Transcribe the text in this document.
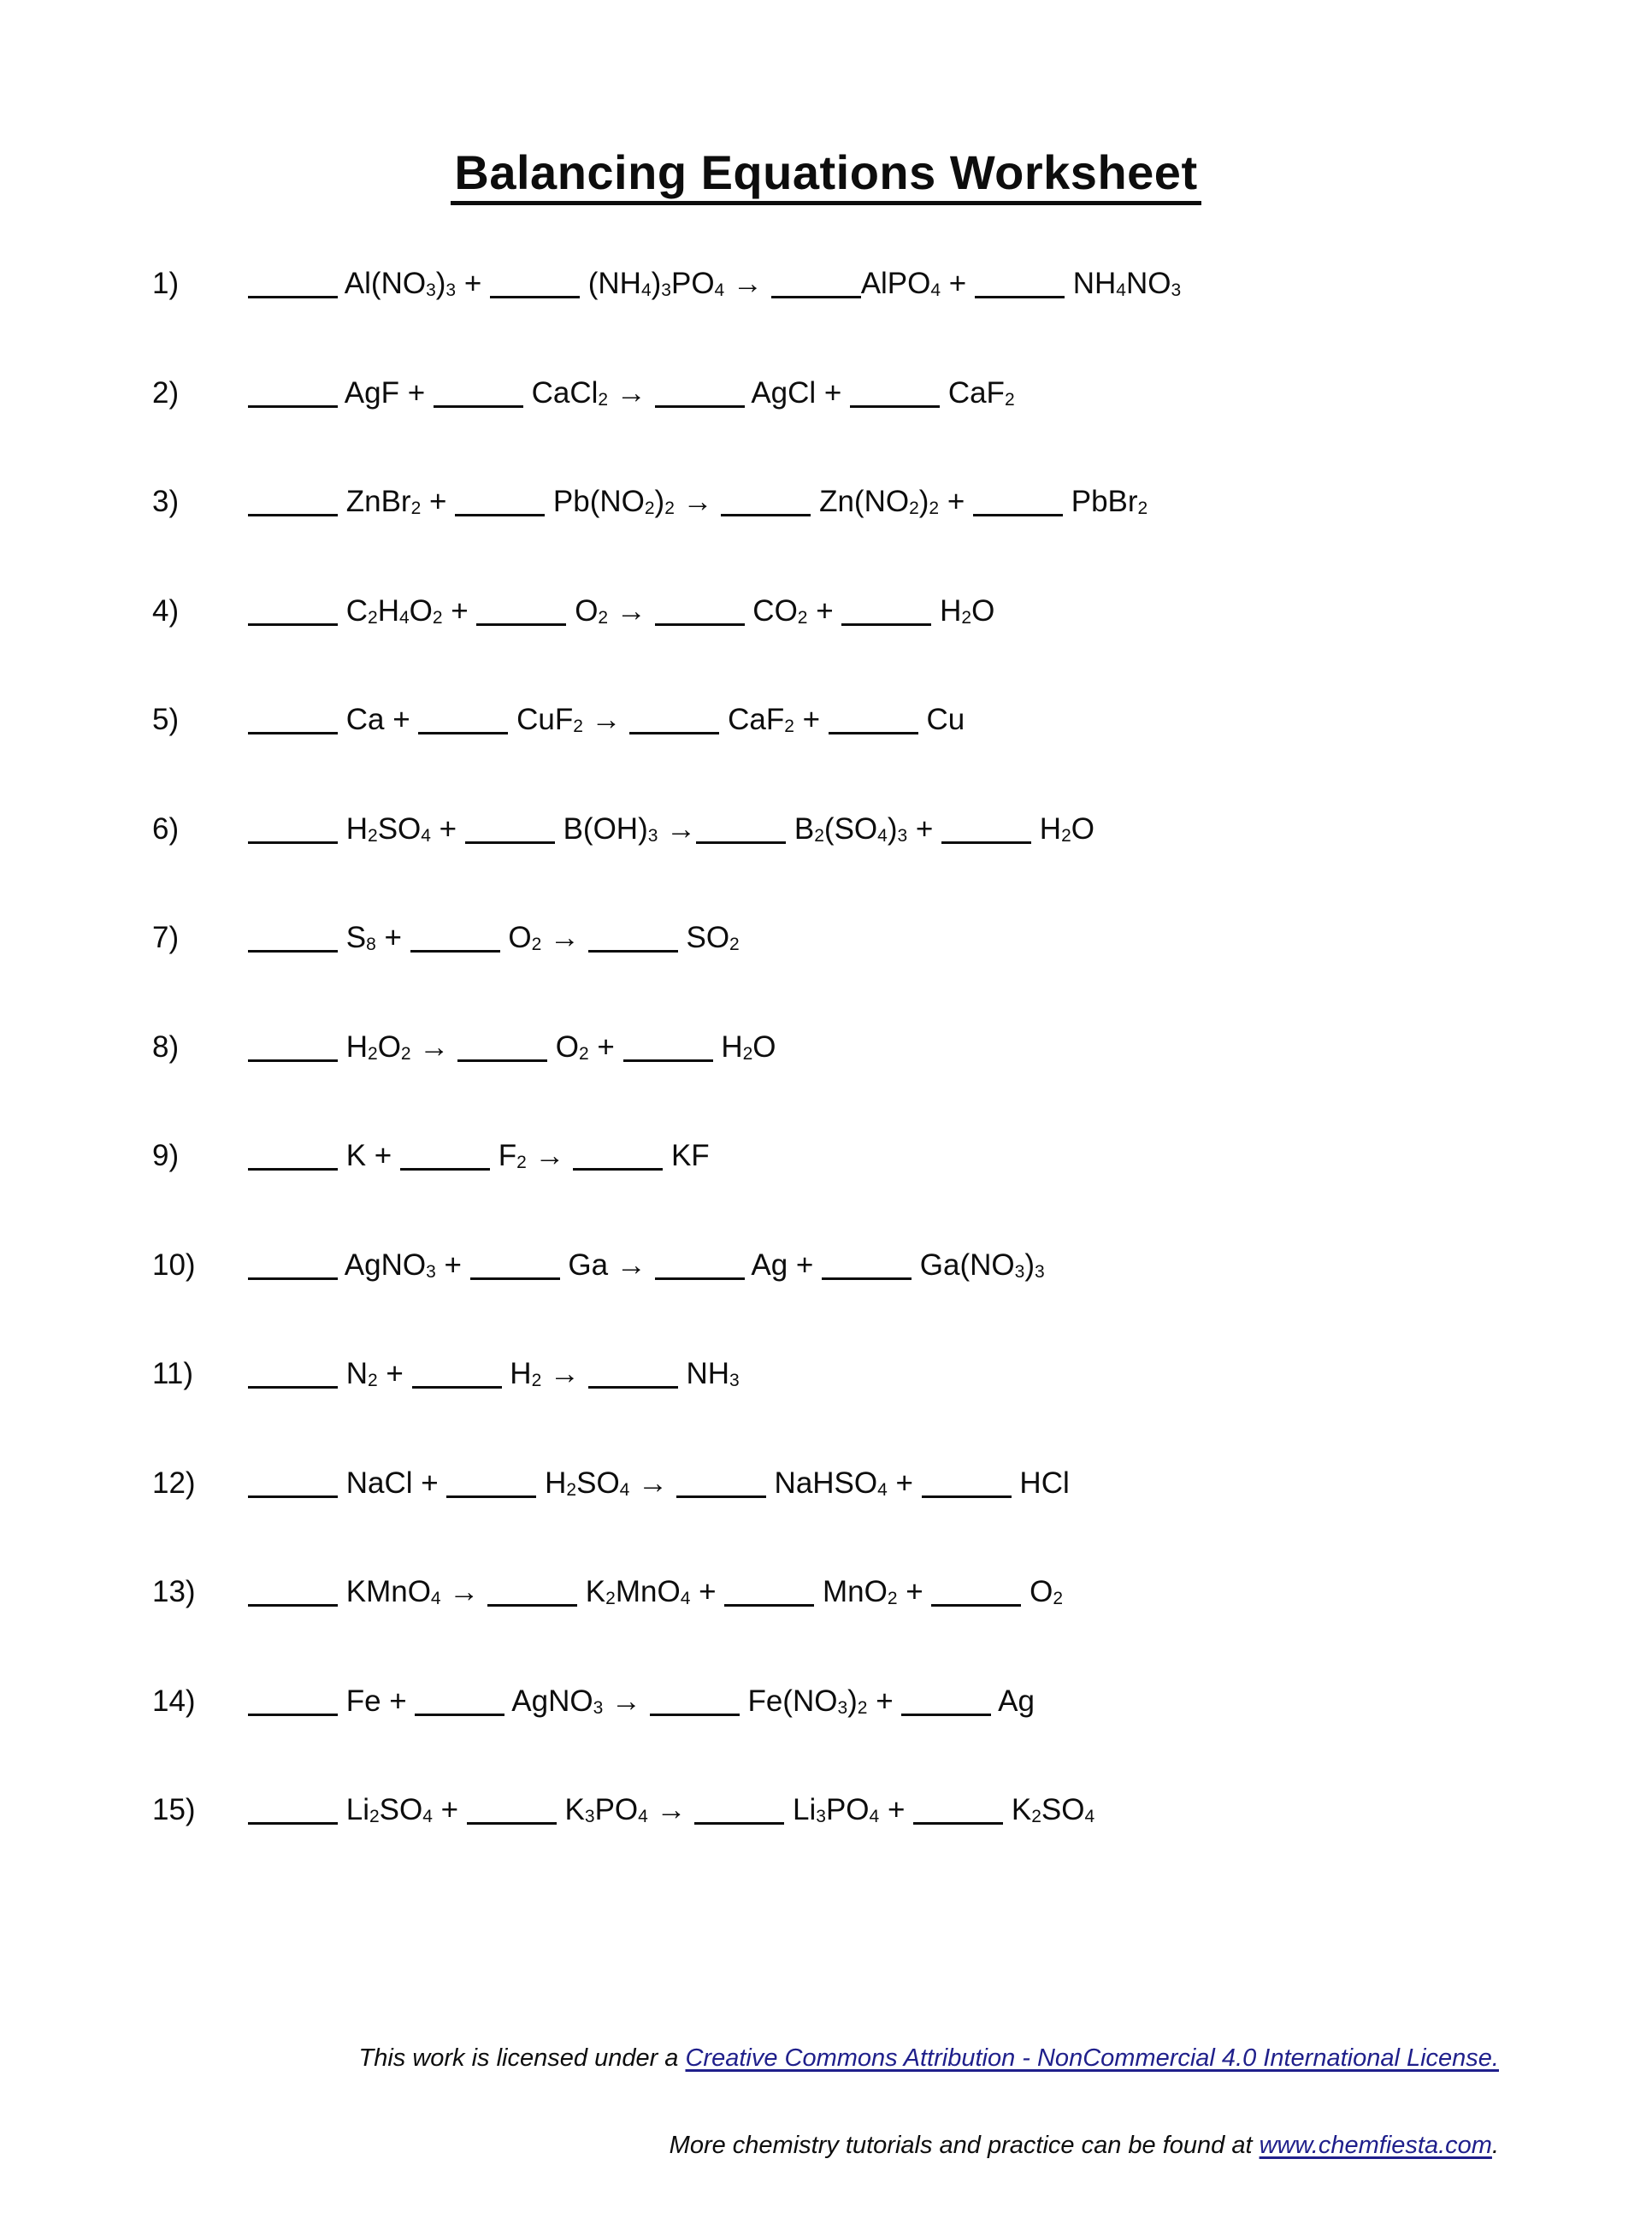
Balancing Equations Worksheet
1)	$Al(NO_3)_3$ +	$(NH_4)_3PO_4$ →	AlPO$_4$ +	$NH_4NO_3$
2)	AgF +	CaCl$_2$ →	AgCl +	CaF$_2$
3)	ZnBr$_2$ +	$Pb(NO_2)_2$ →	$Zn(NO_2)_2$ +	PbBr$_2$
4)	$C_2H_4O_2$ +	$O_2$ →	$CO_2$ +	$H_2O$
5)	Ca +	CuF$_2$ →	CaF$_2$ +	Cu
6)	$H_2SO_4$ +	$B(OH)_3$ →	$B_2(SO_4)_3$ +	$H_2O$
7)	$S_8$ +	$O_2$ →	$SO_2$
8)	$H_2O_2$ →	$O_2$ +	$H_2O$
9)	K +	$F_2$ →	KF
10)	AgNO$_3$ +	Ga →	Ag +	$Ga(NO_3)_3$
11)	$N_2$ +	$H_2$ →	$NH_3$
12)	NaCl +	$H_2SO_4$ →	NaHSO$_4$ +	HCl
13)	KMnO$_4$ →	$K_2MnO_4$ +	MnO$_2$ +	$O_2$
14)	Fe +	AgNO$_3$ →	$Fe(NO_3)_2$ +	Ag
15)	$Li_2SO_4$ +	$K_3PO_4$ →	$Li_3PO_4$ +	$K_2SO_4$

This work is licensed under a Creative Commons Attribution - NonCommercial 4.0 International License.

More chemistry tutorials and practice can be found at www.chemfiesta.com.
